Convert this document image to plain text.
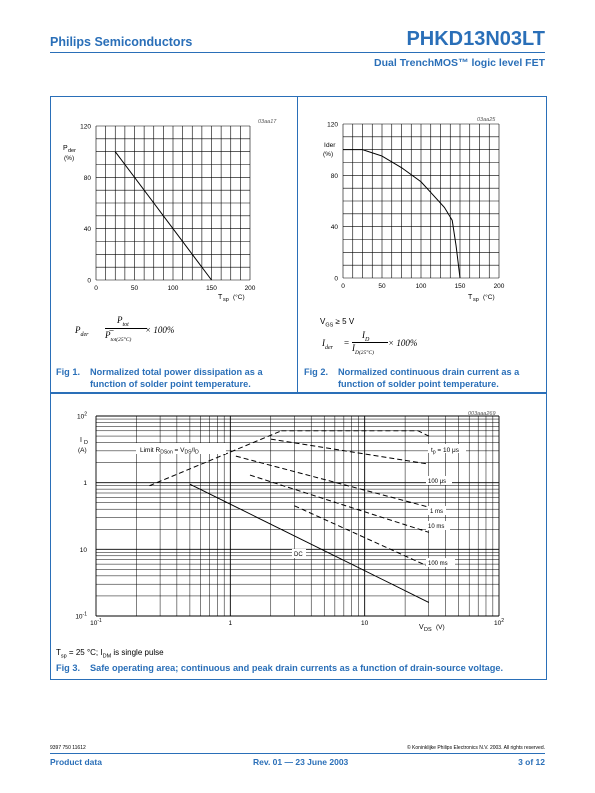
Philips Semiconductors	PHKD13N03LT
Dual TrenchMOS™ logic level FET
0	50	100	150	200
0
40
80
120
03aa17
P der
(%)
T sp (°C)
$P_{der}$ =
$P_{tot}$
$P_{tot(25^\circ C)}$
× 100%
Fig 1. Normalized total power dissipation as a
function of solder point temperature.
0	50	100	150	200
0
40
80
120
03aa25
I der
(%)
T sp (°C)
$V_{GS} \ge 5$ V
$I_{der}$ =
$I_D$
$I_{D(25^\circ C)}$
× 100%
Fig 2. Normalized continuous drain current as a
function of solder point temperature.
$10^{-1}$	1	10	$10^2$
$10^{-1}$
10
1
$10^2$	003aaa269
I D
(A)
V DS (V)
Limit $R_{DSon} = V_{DS}/I_D$	$t_p = 10$ μs
100 μs
1 ms
10 ms
100 ms
DC
$T_{sp} = 25$ °C; $I_{DM}$ is single pulse
Fig 3. Safe operating area; continuous and peak drain currents as a function of drain-source voltage.
9397 750 11612	© Koninklijke Philips Electronics N.V. 2003. All rights reserved.
Product data	Rev. 01 — 23 June 2003	3 of 12
